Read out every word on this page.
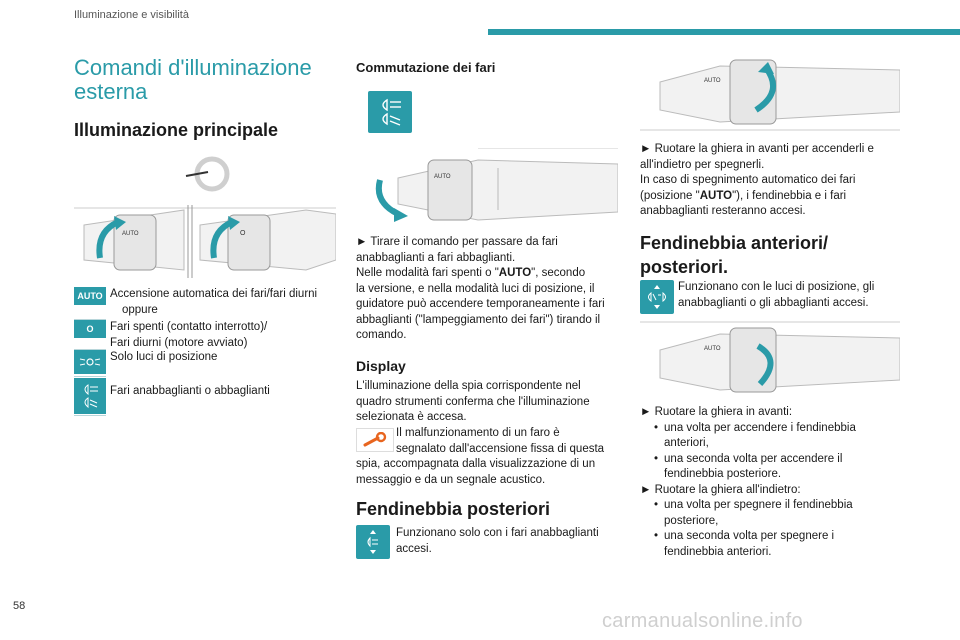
Illuminazione e visibilità
Comandi d'illuminazione esterna
Illuminazione principale
AUTO	O
AUTO Accensione automatica dei fari/fari diurni
oppure
O	Fari spenti (contatto interrotto)/
Fari diurni (motore avviato)
Solo luci di posizione
Fari anabbaglianti o abbaglianti
Commutazione dei fari
AUTO
► Tirare il comando per passare da fari
anabbaglianti a fari abbaglianti.
Nelle modalità fari spenti o "AUTO", secondo
la versione, e nella modalità luci di posizione, il
guidatore può accendere temporaneamente i fari
abbaglianti ("lampeggiamento dei fari") tirando il
comando.
Display
L'illuminazione della spia corrispondente nel
quadro strumenti conferma che l'illuminazione
selezionata è accesa.
Il malfunzionamento di un faro è
segnalato dall'accensione fissa di questa
spia, accompagnata dalla visualizzazione di un
messaggio e da un segnale acustico.
Fendinebbia posteriori
Funzionano solo con i fari anabbaglianti
accesi.
AUTO
► Ruotare la ghiera in avanti per accenderli e
all'indietro per spegnerli.
In caso di spegnimento automatico dei fari
(posizione "AUTO"), i fendinebbia e i fari
anabbaglianti resteranno accesi.
Fendinebbia anteriori/
posteriori.
Funzionano con le luci di posizione, gli
anabbaglianti o gli abbaglianti accesi.
AUTO
► Ruotare la ghiera in avanti:
• una volta per accendere i fendinebbia
anteriori,
• una seconda volta per accendere il
fendinebbia posteriore.
► Ruotare la ghiera all'indietro:
• una volta per spegnere il fendinebbia
posteriore,
• una seconda volta per spegnere i
fendinebbia anteriori.
58
carmanualsonline.info
